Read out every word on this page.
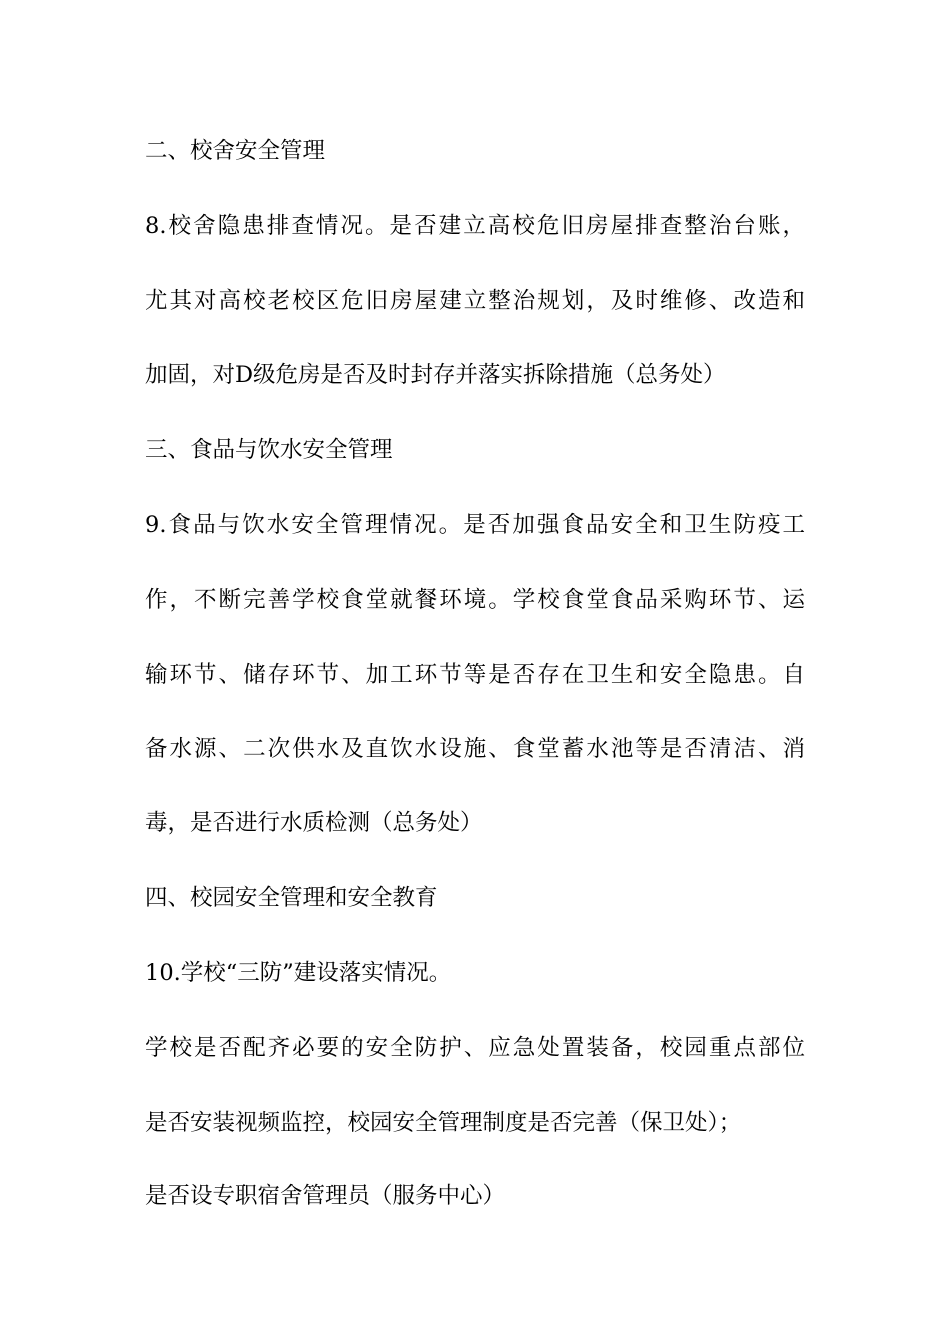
二、校舍安全管理
8.校舍隐患排查情况。是否建立高校危旧房屋排查整治台账，
尤其对高校老校区危旧房屋建立整治规划，及时维修、改造和
加固，对D级危房是否及时封存并落实拆除措施（总务处）
三、食品与饮水安全管理
9.食品与饮水安全管理情况。是否加强食品安全和卫生防疫工
作，不断完善学校食堂就餐环境。学校食堂食品采购环节、运
输环节、储存环节、加工环节等是否存在卫生和安全隐患。自
备水源、二次供水及直饮水设施、食堂蓄水池等是否清洁、消
毒，是否进行水质检测（总务处）
四、校园安全管理和安全教育
10.学校“三防”建设落实情况。
学校是否配齐必要的安全防护、应急处置装备，校园重点部位
是否安装视频监控，校园安全管理制度是否完善（保卫处）；
是否设专职宿舍管理员（服务中心）
